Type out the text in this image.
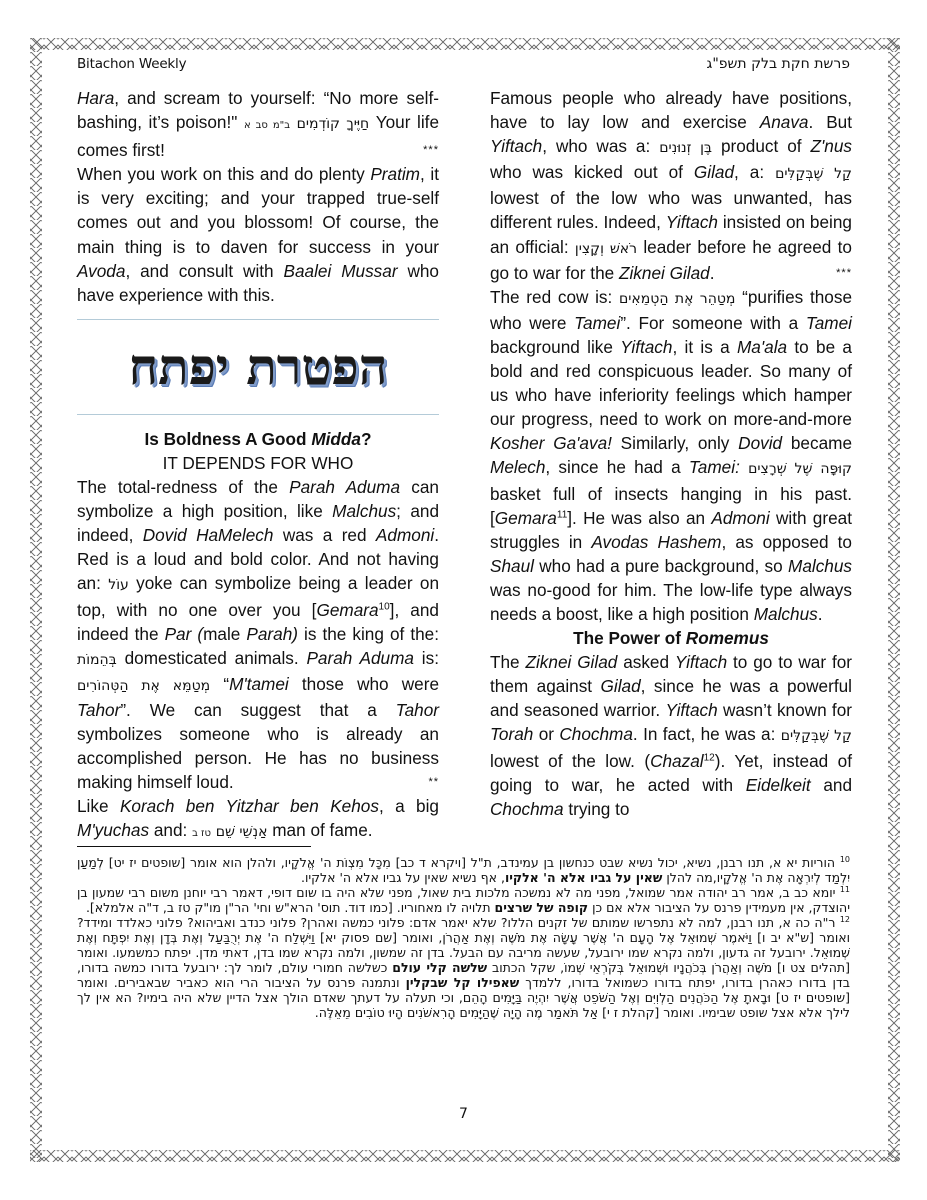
Bitachon Weekly	פרשת חקת בלק תשפ"ג

Hara, and scream to yourself: “No more self-bashing, it’s poison!" ב"מ סב א חַיֶּיךָ קוֹדְמִים Your life comes first!	***

When you work on this and do plenty Pratim, it is very exciting; and your trapped true-self comes out and you blossom! Of course, the main thing is to daven for success in your Avoda, and consult with Baalei Mussar who have experience with this.

הפטרת יפתח

Is Boldness A Good Midda?

IT DEPENDS FOR WHO

The total-redness of the Parah Aduma can symbolize a high position, like Malchus; and indeed, Dovid HaMelech was a red Admoni. Red is a loud and bold color. And not having an: עוֹל yoke can symbolize being a leader on top, with no one over you [Gemara$^{10}$], and indeed the Par (male Parah) is the king of the: בְּהֵמוֹת domesticated animals. Parah Aduma is: מְטַמֵּא אֶת הַטְּהוֹרִים “M'tamei those who were Tahor”. We can suggest that a Tahor symbolizes someone who is already an accomplished person. He has no business making himself loud.	**

Like Korach ben Yitzhar ben Kehos, a big M'yuchas and: טז ב אַנְשֵׁי שֵׁם man of fame.

Famous people who already have positions, have to lay low and exercise Anava. But Yiftach, who was a: בֶּן זְנוּנִים product of Z'nus who was kicked out of Gilad, a: קַל שֶׁבְּקַלִּים lowest of the low who was unwanted, has different rules. Indeed, Yiftach insisted on being an official: רֹאשׁ וְקָצִין leader before he agreed to go to war for the Ziknei Gilad.	***

The red cow is: מְטַהֵר אֶת הַטְמֵאִים “purifies those who were Tamei”. For someone with a Tamei background like Yiftach, it is a Ma'ala to be a bold and red conspicuous leader. So many of us who have inferiority feelings which hamper our progress, need to work on more-and-more Kosher Ga'ava! Similarly, only Dovid became Melech, since he had a Tamei: קוּפָּה שֶׁל שְׁרָצִים basket full of insects hanging in his past. [Gemara$^{11}$]. He was also an Admoni with great struggles in Avodas Hashem, as opposed to Shaul who had a pure background, so Malchus was no-good for him. The low-life type always needs a boost, like a high position Malchus.

The Power of Romemus

The Ziknei Gilad asked Yiftach to go to war for them against Gilad, since he was a powerful and seasoned warrior. Yiftach wasn’t known for Torah or Chochma. In fact, he was a: קַל שֶׁבְּקַלִּים lowest of the low. (Chazal$^{12}$). Yet, instead of going to war, he acted with Eidelkeit and Chochma trying to

$^{10}$ הוריות יא א, תנו רבנן, נשיא, יכול נשיא שבט כנחשון בן עמינדב, ת"ל [ויקרא ד כב] מִכָּל מִצְוֹת ה' אֱלֹקָיו, ולהלן הוא אומר [שופטים יז יט] לְמַעַן יִלְמַד לְיִרְאָה אֶת ה' אֱלֹקָיו,מה להלן שאין על גביו אלא ה' אלקיו, אף נשיא שאין על גביו אלא ה' אלקיו.

$^{11}$ יומא כב ב, אמר רב יהודה אמר שמואל, מפני מה לא נמשכה מלכות בית שאול, מפני שלא היה בו שום דופי, דאמר רבי יוחנן משום רבי שמעון בן יהוצדק, אין מעמידין פרנס על הציבור אלא אם כן קופה של שרצים תלויה לו מאחוריו. [כמו דוד. תוס' הרא"ש וחי' הר"ן מו"ק טז ב, ד"ה אלמלא].

$^{12}$ ר"ה כה א, תנו רבנן, למה לא נתפרשו שמותם של זקנים הללו? שלא יאמר אדם: פלוני כמשה ואהרן? פלוני כנדב ואביהוא? פלוני כאלדד ומידד? ואומר [ש"א יב ו] וַיֹּאמֶר שְׁמוּאֵל אֶל הָעָם ה' אֲשֶׁר עָשָׂה אֶת מֹשֶׁה וְאֶת אַהֲרֹן, ואומר [שם פסוק יא] וַיִּשְׁלַח ה' אֶת יְרֻבַּעַל וְאֶת בְּדָן וְאֶת יִפְתָּח וְאֶת שְׁמוּאֵל. ירובעל זה גדעון, ולמה נקרא שמו ירובעל, שעשה מריבה עם הבעל. בדן זה שמשון, ולמה נקרא שמו בדן, דאתי מדן. יפתח כמשמעו. ואומר [תהלים צט ו] מֹשֶׁה וְאַהֲרֹן בְּכֹהֲנָיו וּשְׁמוּאֵל בְּקֹרְאֵי שְׁמוֹ, שקל הכתוב שלשה קלי עולם כשלשה חמורי עולם, לומר לך: ירובעל בדורו כמשה בדורו, בדן בדורו כאהרן בדורו, יפתח בדורו כשמואל בדורו, ללמדך שאפילו קל שבקלין ונתמנה פרנס על הציבור הרי הוא כאביר שבאבירים. ואומר [שופטים יז ט] וּבָאתָ אֶל הַכֹּהֲנִים הַלְוִיִּם וְאֶל הַשֹּׁפֵט אֲשֶׁר יִהְיֶה בַּיָּמִים הָהֵם, וכי תעלה על דעתך שאדם הולך אצל הדיין שלא היה בימיו? הא אין לך לילך אלא אצל שופט שבימיו. ואומר [קהלת ז י] אַל תֹּאמַר מֶה הָיָה שֶׁהַיָּמִים הָרִאשֹׁנִים הָיוּ טוֹבִים מֵאֵלֶּה.

7
